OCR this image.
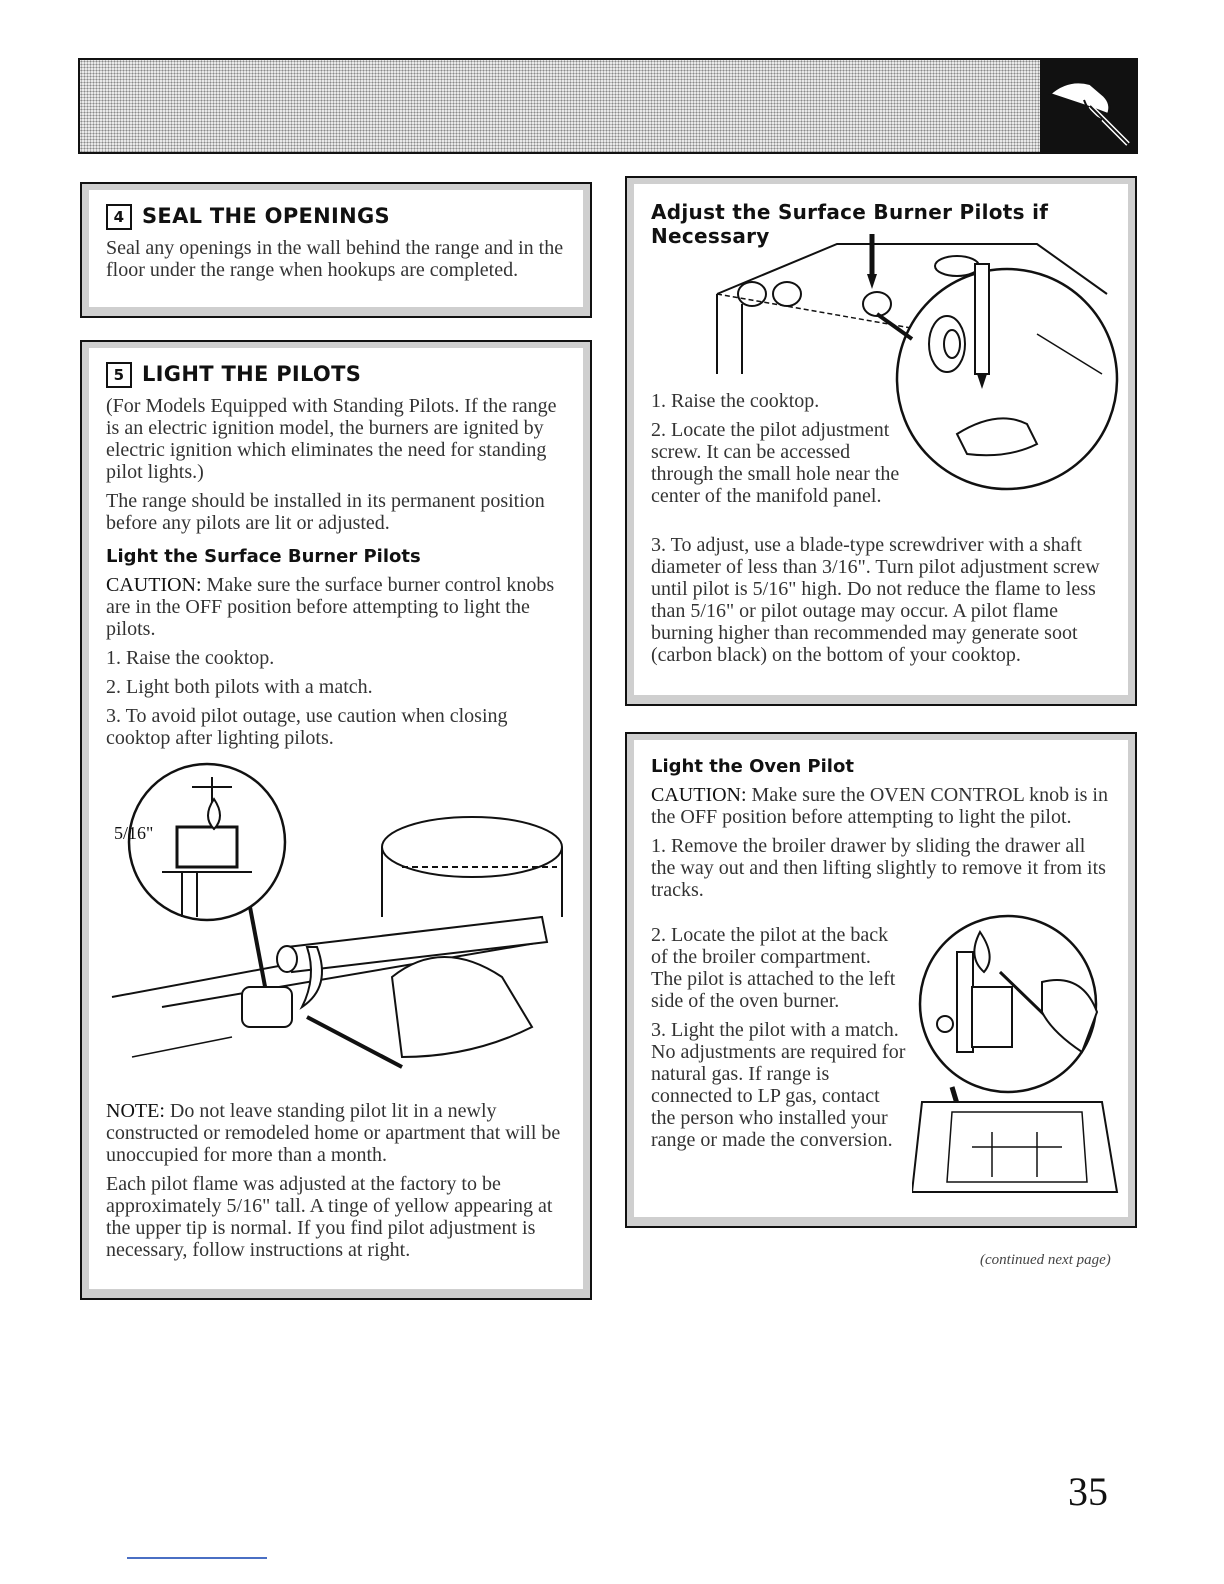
4 SEAL THE OPENINGS

Seal any openings in the wall behind the range and in the floor under the range when hookups are completed.

5 LIGHT THE PILOTS

(For Models Equipped with Standing Pilots. If the range is an electric ignition model, the burners are ignited by electric ignition which eliminates the need for standing pilot lights.)

The range should be installed in its permanent position before any pilots are lit or adjusted.

Light the Surface Burner Pilots

CAUTION: Make sure the surface burner control knobs are in the OFF position before attempting to light the pilots.

1. Raise the cooktop.

2. Light both pilots with a match.

3. To avoid pilot outage, use caution when closing cooktop after lighting pilots.

5/16"

NOTE: Do not leave standing pilot lit in a newly constructed or remodeled home or apartment that will be unoccupied for more than a month.

Each pilot flame was adjusted at the factory to be approximately 5/16" tall. A tinge of yellow appearing at the upper tip is normal. If you find pilot adjustment is necessary, follow instructions at right.

Adjust the Surface Burner Pilots if Necessary

1. Raise the cooktop.

2. Locate the pilot adjustment screw. It can be accessed through the small hole near the center of the manifold panel.

3. To adjust, use a blade-type screwdriver with a shaft diameter of less than 3/16". Turn pilot adjustment screw until pilot is 5/16" high. Do not reduce the flame to less than 5/16" or pilot outage may occur. A pilot flame burning higher than recommended may generate soot (carbon black) on the bottom of your cooktop.

Light the Oven Pilot

CAUTION: Make sure the OVEN CONTROL knob is in the OFF position before attempting to light the pilot.

1. Remove the broiler drawer by sliding the drawer all the way out and then lifting slightly to remove it from its tracks.

2. Locate the pilot at the back of the broiler compartment. The pilot is attached to the left side of the oven burner.

3. Light the pilot with a match. No adjustments are required for natural gas. If range is connected to LP gas, contact the person who installed your range or made the conversion.

(continued next page)
35
